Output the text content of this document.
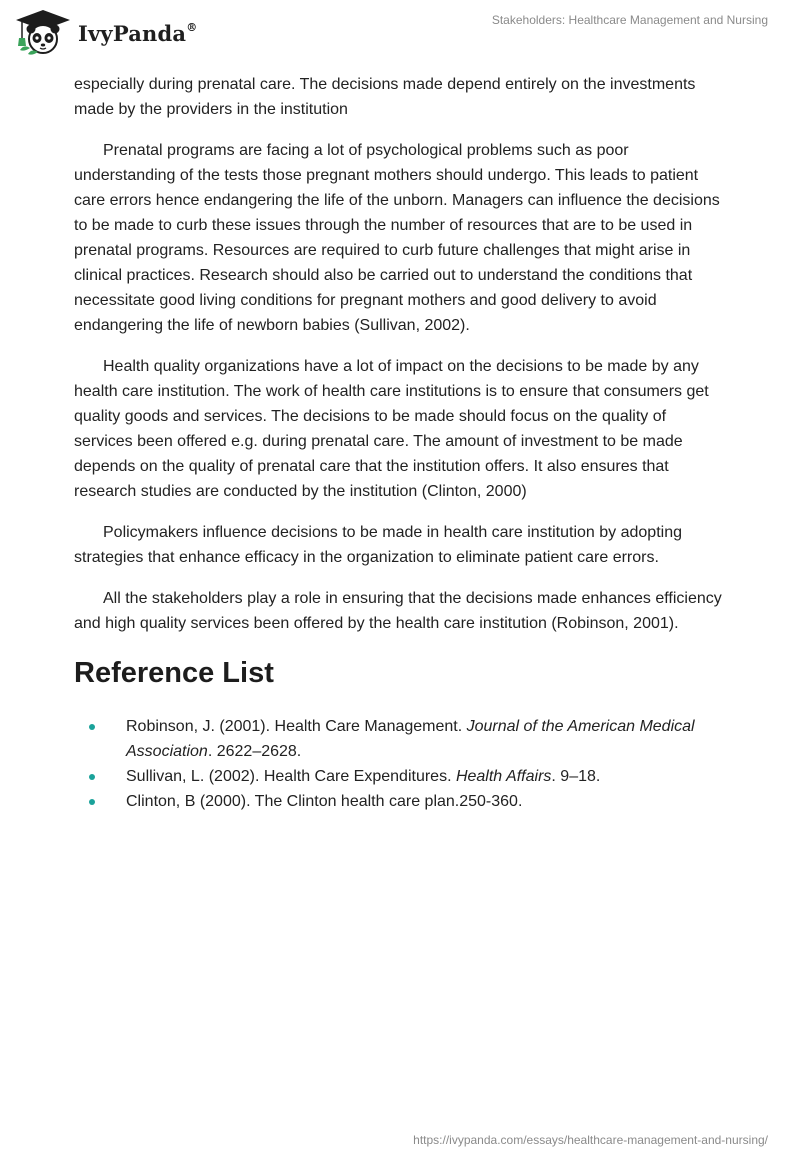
IvyPanda®	Stakeholders: Healthcare Management and Nursing

especially during prenatal care. The decisions made depend entirely on the investments made by the providers in the institution

Prenatal programs are facing a lot of psychological problems such as poor understanding of the tests those pregnant mothers should undergo. This leads to patient care errors hence endangering the life of the unborn. Managers can influence the decisions to be made to curb these issues through the number of resources that are to be used in prenatal programs. Resources are required to curb future challenges that might arise in clinical practices. Research should also be carried out to understand the conditions that necessitate good living conditions for pregnant mothers and good delivery to avoid endangering the life of newborn babies (Sullivan, 2002).

Health quality organizations have a lot of impact on the decisions to be made by any health care institution. The work of health care institutions is to ensure that consumers get quality goods and services. The decisions to be made should focus on the quality of services been offered e.g. during prenatal care. The amount of investment to be made depends on the quality of prenatal care that the institution offers. It also ensures that research studies are conducted by the institution (Clinton, 2000)

Policymakers influence decisions to be made in health care institution by adopting strategies that enhance efficacy in the organization to eliminate patient care errors.

All the stakeholders play a role in ensuring that the decisions made enhances efficiency and high quality services been offered by the health care institution (Robinson, 2001).

Reference List
Robinson, J. (2001). Health Care Management. Journal of the American Medical Association. 2622–2628.
Sullivan, L. (2002). Health Care Expenditures. Health Affairs. 9–18.
Clinton, B (2000). The Clinton health care plan.250-360.
https://ivypanda.com/essays/healthcare-management-and-nursing/
